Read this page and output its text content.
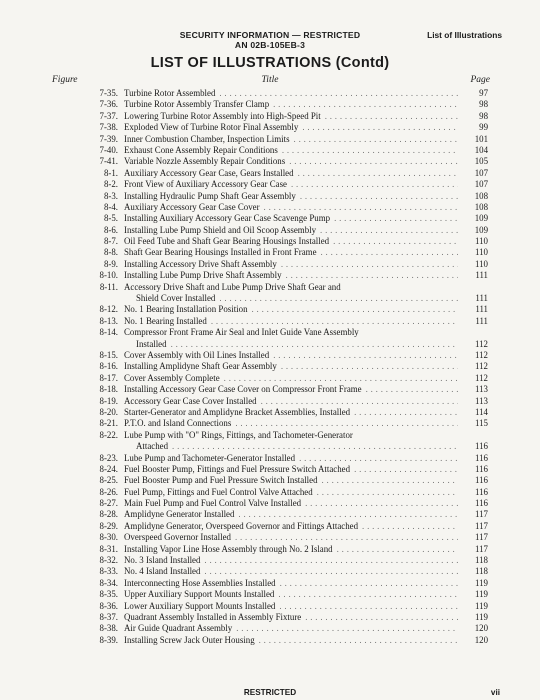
SECURITY INFORMATION — RESTRICTED
AN 02B-105EB-3
List of Illustrations
LIST OF ILLUSTRATIONS (Contd)
Figure	Title	Page
7-35. Turbine Rotor Assembled . . .	97
7-36. Turbine Rotor Assembly Transfer Clamp . . .	98
7-37. Lowering Turbine Rotor Assembly into High-Speed Pit . . .	98
7-38. Exploded View of Turbine Rotor Final Assembly . . .	99
7-39. Inner Combustion Chamber, Inspection Limits . . .	101
7-40. Exhaust Cone Assembly Repair Conditions . . .	104
7-41. Variable Nozzle Assembly Repair Conditions . . .	105
8-1. Auxiliary Accessory Gear Case, Gears Installed . . .	107
8-2. Front View of Auxiliary Accessory Gear Case . . .	107
8-3. Installing Hydraulic Pump Shaft Gear Assembly . . .	108
8-4. Auxiliary Accessory Gear Case Cover . . .	108
8-5. Installing Auxiliary Accessory Gear Case Scavenge Pump . . .	109
8-6. Installing Lube Pump Shield and Oil Scoop Assembly . . .	109
8-7. Oil Feed Tube and Shaft Gear Bearing Housings Installed . . .	110
8-8. Shaft Gear Bearing Housings Installed in Front Frame . . .	110
8-9. Installing Accessory Drive Shaft Assembly . . .	110
8-10. Installing Lube Pump Drive Shaft Assembly . . .	111
8-11. Accessory Drive Shaft and Lube Pump Drive Shaft Gear and
Shield Cover Installed . . .	111
8-12. No. 1 Bearing Installation Position . . .	111
8-13. No. 1 Bearing Installed . . .	111
8-14. Compressor Front Frame Air Seal and Inlet Guide Vane Assembly
Installed . . .	112
8-15. Cover Assembly with Oil Lines Installed . . .	112
8-16. Installing Amplidyne Shaft Gear Assembly . . .	112
8-17. Cover Assembly Complete . . .	112
8-18. Installing Accessory Gear Case Cover on Compressor Front Frame . . .	113
8-19. Accessory Gear Case Cover Installed . . .	113
8-20. Starter-Generator and Amplidyne Bracket Assemblies, Installed . . .	114
8-21. P.T.O. and Island Connections . . .	115
8-22. Lube Pump with "O" Rings, Fittings, and Tachometer-Generator
Attached . . .	116
8-23. Lube Pump and Tachometer-Generator Installed . . .	116
8-24. Fuel Booster Pump, Fittings and Fuel Pressure Switch Attached . . .	116
8-25. Fuel Booster Pump and Fuel Pressure Switch Installed . . .	116
8-26. Fuel Pump, Fittings and Fuel Control Valve Attached . . .	116
8-27. Main Fuel Pump and Fuel Control Valve Installed . . .	116
8-28. Amplidyne Generator Installed . . .	117
8-29. Amplidyne Generator, Overspeed Governor and Fittings Attached . . .	117
8-30. Overspeed Governor Installed . . .	117
8-31. Installing Vapor Line Hose Assembly through No. 2 Island . . .	117
8-32. No. 3 Island Installed . . .	118
8-33. No. 4 Island Installed . . .	118
8-34. Interconnecting Hose Assemblies Installed . . .	119
8-35. Upper Auxiliary Support Mounts Installed . . .	119
8-36. Lower Auxiliary Support Mounts Installed . . .	119
8-37. Quadrant Assembly Installed in Assembly Fixture . . .	119
8-38. Air Guide Quadrant Assembly . . .	120
8-39. Installing Screw Jack Outer Housing . . .	120
RESTRICTED	vii
